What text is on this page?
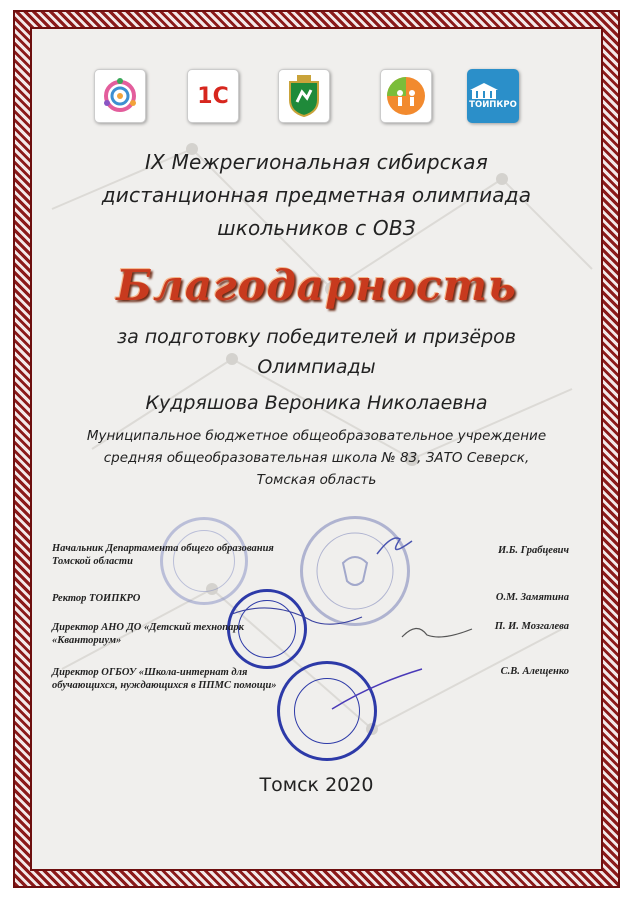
1С	ТОИПКРО
IX Межрегиональная сибирская
дистанционная предметная олимпиада
школьников с ОВЗ
Благодарность
за подготовку победителей и призёров
Олимпиады
Кудряшова Вероника Николаевна
Муниципальное бюджетное общеобразовательное учреждение
средняя общеобразовательная школа № 83, ЗАТО Северск,
Томская область
Начальник Департамента общего образования
Томской области
И.Б. Грабцевич
Ректор ТОИПКРО	О.М. Замятина
Директор АНО ДО «Детский технопарк
«Кванториум»
П. И. Мозгалева
Директор ОГБОУ «Школа-интернат для
обучающихся, нуждающихся в ППМС помощи»
С.В. Алещенко
Томск 2020
